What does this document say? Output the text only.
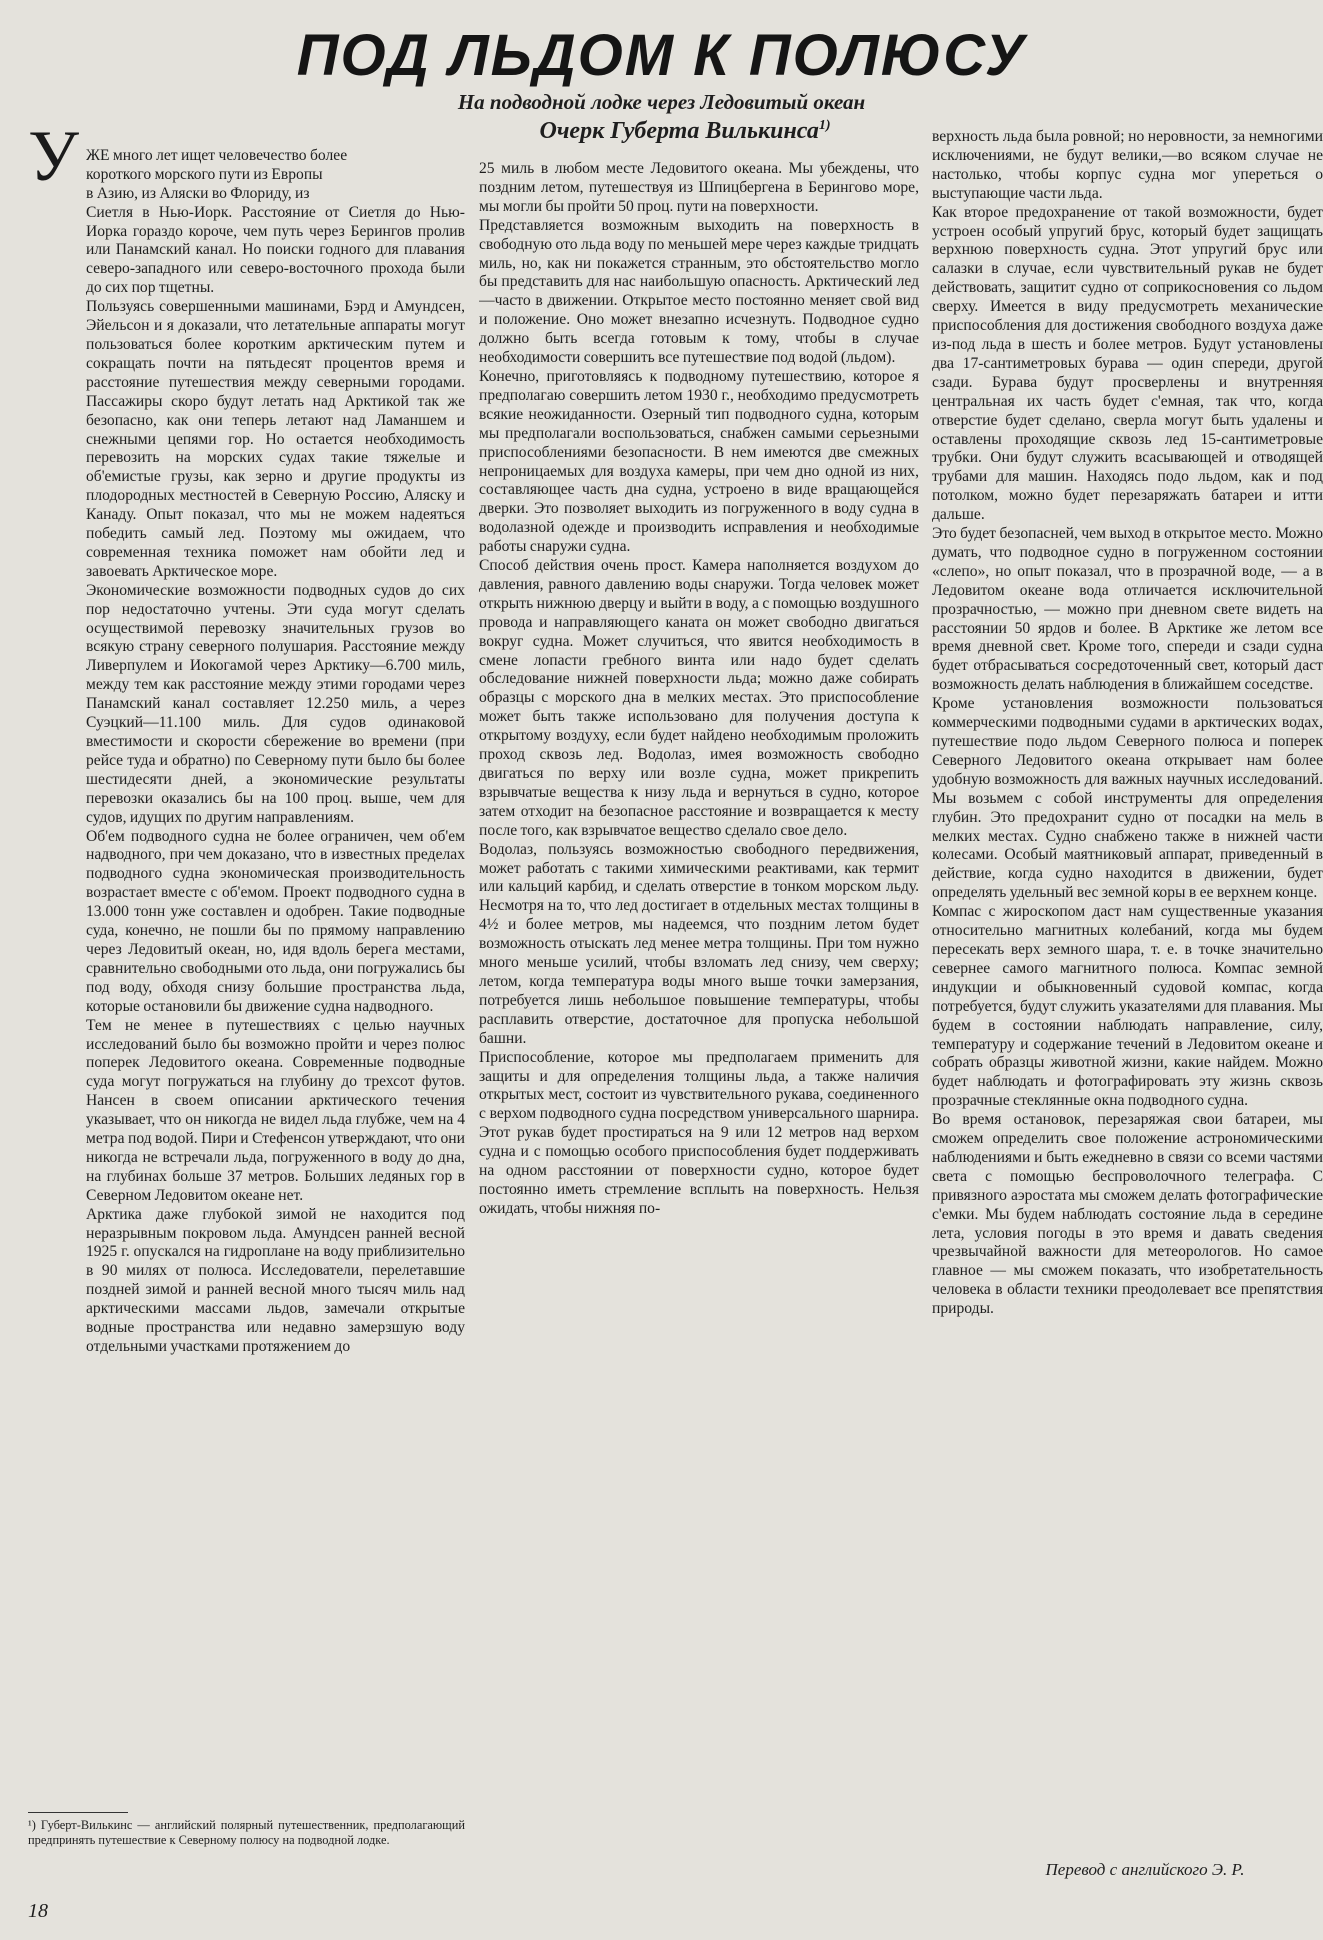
ПОД ЛЬДОМ К ПОЛЮСУ

На подводной лодке через Ледовитый океан

Очерк Губерта Вилькинса$^{1)}$

У ЖЕ много лет ищет человечество более
короткого морского пути из Европы
в Азию, из Аляски во Флориду, из
Сиетля в Нью-Иорк. Расстояние от Сиетля до Нью-Иорка гораздо короче, чем путь через Берингов пролив или Панамский канал. Но поиски годного для плавания северо-западного или северо-восточного прохода были до сих пор тщетны.
Пользуясь совершенными машинами, Бэрд и Амундсен, Эйельсон и я доказали, что летательные аппараты могут пользоваться более коротким арктическим путем и сокращать почти на пятьдесят процентов время и расстояние путешествия между северными городами. Пассажиры скоро будут летать над Арктикой так же безопасно, как они теперь летают над Ламаншем и снежными цепями гор. Но остается необходимость перевозить на морских судах такие тяжелые и об'емистые грузы, как зерно и другие продукты из плодородных местностей в Северную Россию, Аляску и Канаду. Опыт показал, что мы не можем надеяться победить самый лед. Поэтому мы ожидаем, что современная техника поможет нам обойти лед и завоевать Арктическое море.
Экономические возможности подводных судов до сих пор недостаточно учтены. Эти суда могут сделать осуществимой перевозку значительных грузов во всякую страну северного полушария. Расстояние между Ливерпулем и Иокогамой через Арктику—6.700 миль, между тем как расстояние между этими городами через Панамский канал составляет 12.250 миль, а через Суэцкий—11.100 миль. Для судов одинаковой вместимости и скорости сбережение во времени (при рейсе туда и обратно) по Северному пути было бы более шестидесяти дней, а экономические результаты перевозки оказались бы на 100 проц. выше, чем для судов, идущих по другим направлениям.
Об'ем подводного судна не более ограничен, чем об'ем надводного, при чем доказано, что в известных пределах подводного судна экономическая производительность возрастает вместе с об'емом. Проект подводного судна в 13.000 тонн уже составлен и одобрен. Такие подводные суда, конечно, не пошли бы по прямому направлению через Ледовитый океан, но, идя вдоль берега местами, сравнительно свободными ото льда, они погружались бы под воду, обходя снизу большие пространства льда, которые остановили бы движение судна надводного.
Тем не менее в путешествиях с целью научных исследований было бы возможно пройти и через полюс поперек Ледовитого океана. Современные подводные суда могут погружаться на глубину до трехсот футов. Нансен в своем описании арктического течения указывает, что он никогда не видел льда глубже, чем на 4 метра под водой. Пири и Стефенсон утверждают, что они никогда не встречали льда, погруженного в воду до дна, на глубинах больше 37 метров. Больших ледяных гор в Северном Ледовитом океане нет.
Арктика даже глубокой зимой не находится под неразрывным покровом льда. Амундсен ранней весной 1925 г. опускался на гидроплане на воду приблизительно в 90 милях от полюса. Исследователи, перелетавшие поздней зимой и ранней весной много тысяч миль над арктическими массами льдов, замечали открытые водные пространства или недавно замерзшую воду отдельными участками протяжением до

25 миль в любом месте Ледовитого океана. Мы убеждены, что поздним летом, путешествуя из Шпицбергена в Берингово море, мы могли бы пройти 50 проц. пути на поверхности.
Представляется возможным выходить на поверхность в свободную ото льда воду по меньшей мере через каждые тридцать миль, но, как ни покажется странным, это обстоятельство могло бы представить для нас наибольшую опасность. Арктический лед—часто в движении. Открытое место постоянно меняет свой вид и положение. Оно может внезапно исчезнуть. Подводное судно должно быть всегда готовым к тому, чтобы в случае необходимости совершить все путешествие под водой (льдом).
Конечно, приготовляясь к подводному путешествию, которое я предполагаю совершить летом 1930 г., необходимо предусмотреть всякие неожиданности. Озерный тип подводного судна, которым мы предполагали воспользоваться, снабжен самыми серьезными приспособлениями безопасности. В нем имеются две смежных непроницаемых для воздуха камеры, при чем дно одной из них, составляющее часть дна судна, устроено в виде вращающейся дверки. Это позволяет выходить из погруженного в воду судна в водолазной одежде и производить исправления и необходимые работы снаружи судна.
Способ действия очень прост. Камера наполняется воздухом до давления, равного давлению воды снаружи. Тогда человек может открыть нижнюю дверцу и выйти в воду, а с помощью воздушного провода и направляющего каната он может свободно двигаться вокруг судна. Может случиться, что явится необходимость в смене лопасти гребного винта или надо будет сделать обследование нижней поверхности льда; можно даже собирать образцы с морского дна в мелких местах. Это приспособление может быть также использовано для получения доступа к открытому воздуху, если будет найдено необходимым проложить проход сквозь лед. Водолаз, имея возможность свободно двигаться по верху или возле судна, может прикрепить взрывчатые вещества к низу льда и вернуться в судно, которое затем отходит на безопасное расстояние и возвращается к месту после того, как взрывчатое вещество сделало свое дело.
Водолаз, пользуясь возможностью свободного передвижения, может работать с такими химическими реактивами, как термит или кальций карбид, и сделать отверстие в тонком морском льду. Несмотря на то, что лед достигает в отдельных местах толщины в 4½ и более метров, мы надеемся, что поздним летом будет возможность отыскать лед менее метра толщины. При том нужно много меньше усилий, чтобы взломать лед снизу, чем сверху; летом, когда температура воды много выше точки замерзания, потребуется лишь небольшое повышение температуры, чтобы расплавить отверстие, достаточное для пропуска небольшой башни.
Приспособление, которое мы предполагаем применить для защиты и для определения толщины льда, а также наличия открытых мест, состоит из чувствительного рукава, соединенного с верхом подводного судна посредством универсального шарнира. Этот рукав будет простираться на 9 или 12 метров над верхом судна и с помощью особого приспособления будет поддерживать на одном расстоянии от поверхности судно, которое будет постоянно иметь стремление всплыть на поверхность. Нельзя ожидать, чтобы нижняя по-
верхность льда была ровной; но неровности, за немногими исключениями, не будут велики,—во всяком случае не настолько, чтобы корпус судна мог упереться о выступающие части льда.
Как второе предохранение от такой возможности, будет устроен особый упругий брус, который будет защищать верхнюю поверхность судна. Этот упругий брус или салазки в случае, если чувствительный рукав не будет действовать, защитит судно от соприкосновения со льдом сверху. Имеется в виду предусмотреть механические приспособления для достижения свободного воздуха даже из-под льда в шесть и более метров. Будут установлены два 17-сантиметровых бурава — один спереди, другой сзади. Бурава будут просверлены и внутренняя центральная их часть будет с'емная, так что, когда отверстие будет сделано, сверла могут быть удалены и оставлены проходящие сквозь лед 15-сантиметровые трубки. Они будут служить всасывающей и отводящей трубами для машин. Находясь подо льдом, как и под потолком, можно будет перезаряжать батареи и итти дальше.
Это будет безопасней, чем выход в открытое место. Можно думать, что подводное судно в погруженном состоянии «слепо», но опыт показал, что в прозрачной воде, — а в Ледовитом океане вода отличается исключительной прозрачностью, — можно при дневном свете видеть на расстоянии 50 ярдов и более. В Арктике же летом все время дневной свет. Кроме того, спереди и сзади судна будет отбрасываться сосредоточенный свет, который даст возможность делать наблюдения в ближайшем соседстве.
Кроме установления возможности пользоваться коммерческими подводными судами в арктических водах, путешествие подо льдом Северного полюса и поперек Северного Ледовитого океана открывает нам более удобную возможность для важных научных исследований. Мы возьмем с собой инструменты для определения глубин. Это предохранит судно от посадки на мель в мелких местах. Судно снабжено также в нижней части колесами. Особый маятниковый аппарат, приведенный в действие, когда судно находится в движении, будет определять удельный вес земной коры в ее верхнем конце.
Компас с жироскопом даст нам существенные указания относительно магнитных колебаний, когда мы будем пересекать верх земного шара, т. е. в точке значительно севернее самого магнитного полюса. Компас земной индукции и обыкновенный судовой компас, когда потребуется, будут служить указателями для плавания. Мы будем в состоянии наблюдать направление, силу, температуру и содержание течений в Ледовитом океане и собрать образцы животной жизни, какие найдем. Можно будет наблюдать и фотографировать эту жизнь сквозь прозрачные стеклянные окна подводного судна.
Во время остановок, перезаряжая свои батареи, мы сможем определить свое положение астрономическими наблюдениями и быть ежедневно в связи со всеми частями света с помощью беспроволочного телеграфа. С привязного аэростата мы сможем делать фотографические с'емки. Мы будем наблюдать состояние льда в середине лета, условия погоды в это время и давать сведения чрезвычайной важности для метеорологов. Но самое главное — мы сможем показать, что изобретательность человека в области техники преодолевает все препятствия природы.
¹) Губерт-Вилькинс — английский полярный путешественник, предполагающий предпринять путешествие к Северному полюсу на подводной лодке.
Перевод с английского Э. Р.
18
